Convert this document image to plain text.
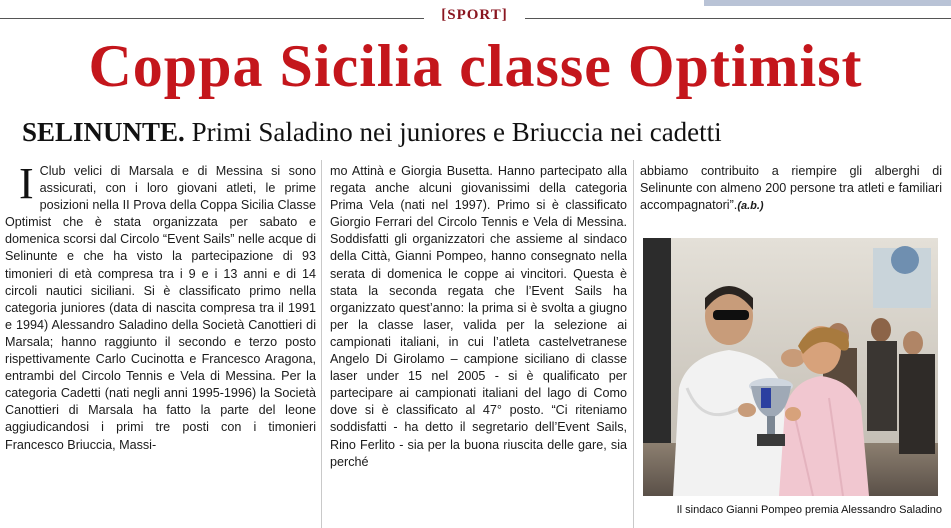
[SPORT]
Coppa Sicilia classe Optimist
SELINUNTE. Primi Saladino nei juniores e Briuccia nei cadetti
I Club velici di Marsala e di Messina si sono assicurati, con i loro giovani atleti, le prime posizioni nella II Prova della Coppa Sicilia Classe Optimist che è stata organizzata per sabato e domenica scorsi dal Circolo “Event Sails” nelle acque di Selinunte e che ha visto la partecipazione di 93 timonieri di età compresa tra i 9 e i 13 anni e di 14 circoli nautici siciliani. Si è classificato primo nella categoria juniores (data di nascita compresa tra il 1991 e 1994) Alessandro Saladino della Società Canottieri di Marsala; hanno raggiunto il secondo e terzo posto rispettivamente Carlo Cucinotta e Francesco Aragona, entrambi del Circolo Tennis e Vela di Messina. Per la categoria Cadetti (nati negli anni 1995-1996) la Società Canottieri di Marsala ha fatto la parte del leone aggiudicandosi i primi tre posti con i timonieri Francesco Briuccia, Massi-
mo Attinà e Giorgia Busetta. Hanno partecipato alla regata anche alcuni giovanissimi della categoria Prima Vela (nati nel 1997). Primo si è classificato Giorgio Ferrari del Circolo Tennis e Vela di Messina. Soddisfatti gli organizzatori che assieme al sindaco della Città, Gianni Pompeo, hanno consegnato nella serata di domenica le coppe ai vincitori. Questa è stata la seconda regata che l’Event Sails ha organizzato quest’anno: la prima si è svolta a giugno per la classe laser, valida per la selezione ai campionati italiani, in cui l’atleta castelvetranese Angelo Di Girolamo – campione siciliano di classe laser under 15 nel 2005 - si è qualificato per partecipare ai campionati italiani del lago di Como dove si è classificato al 47° posto. “Ci riteniamo soddisfatti - ha detto il segretario dell’Event Sails, Rino Ferlito - sia per la buona riuscita delle gare, sia perché
abbiamo contribuito a riempire gli alberghi di Selinunte con almeno 200 persone tra atleti e familiari accompagnatori”.(a.b.)
Il sindaco Gianni Pompeo premia Alessandro Saladino
